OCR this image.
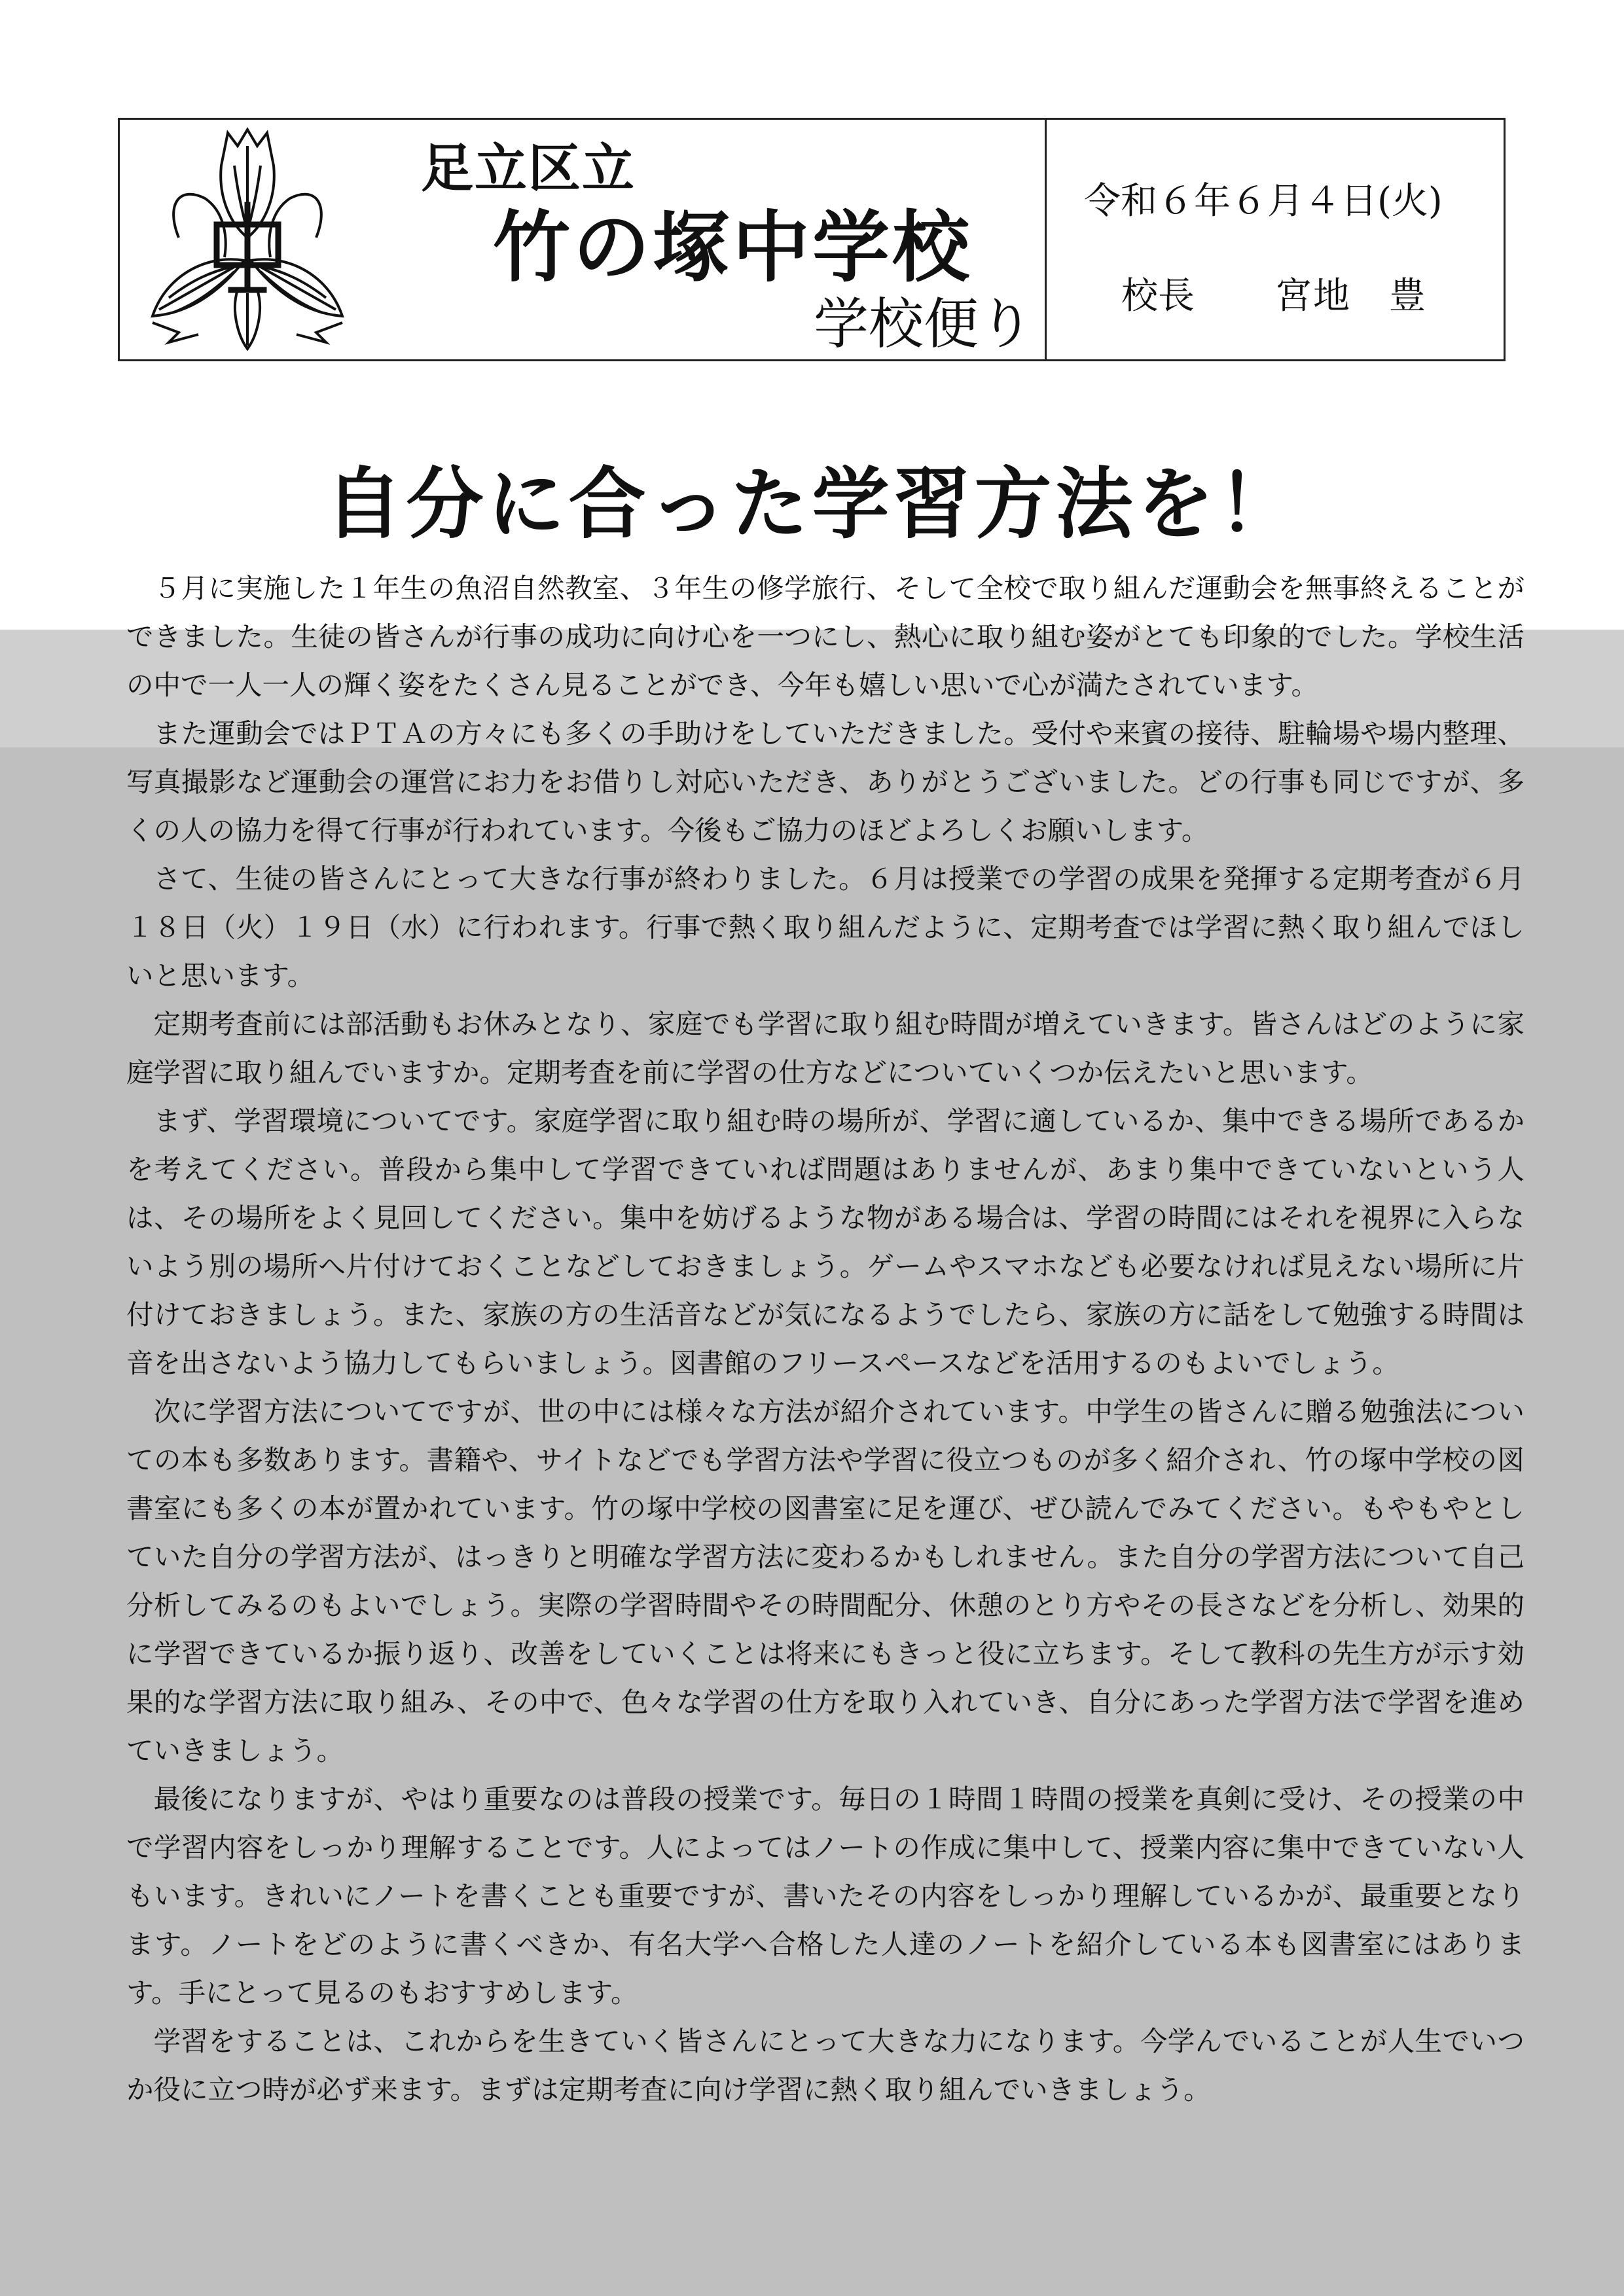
足立区立
竹の塚中学校
学校便り
令和６年６月４日(火)
校長 宮地　豊
自分に合った学習方法を！

５月に実施した１年生の魚沼自然教室、３年生の修学旅行、そして全校で取り組んだ運動会を無事終えることができました。生徒の皆さんが行事の成功に向け心を一つにし、熱心に取り組む姿がとても印象的でした。学校生活の中で一人一人の輝く姿をたくさん見ることができ、今年も嬉しい思いで心が満たされています。

また運動会ではＰＴＡの方々にも多くの手助けをしていただきました。受付や来賓の接待、駐輪場や場内整理、写真撮影など運動会の運営にお力をお借りし対応いただき、ありがとうございました。どの行事も同じですが、多くの人の協力を得て行事が行われています。今後もご協力のほどよろしくお願いします。

さて、生徒の皆さんにとって大きな行事が終わりました。６月は授業での学習の成果を発揮する定期考査が６月１８日（火）１９日（水）に行われます。行事で熱く取り組んだように、定期考査では学習に熱く取り組んでほしいと思います。

定期考査前には部活動もお休みとなり、家庭でも学習に取り組む時間が増えていきます。皆さんはどのように家庭学習に取り組んでいますか。定期考査を前に学習の仕方などについていくつか伝えたいと思います。

まず、学習環境についてです。家庭学習に取り組む時の場所が、学習に適しているか、集中できる場所であるかを考えてください。普段から集中して学習できていれば問題はありませんが、あまり集中できていないという人は、その場所をよく見回してください。集中を妨げるような物がある場合は、学習の時間にはそれを視界に入らないよう別の場所へ片付けておくことなどしておきましょう。ゲームやスマホなども必要なければ見えない場所に片付けておきましょう。また、家族の方の生活音などが気になるようでしたら、家族の方に話をして勉強する時間は音を出さないよう協力してもらいましょう。図書館のフリースペースなどを活用するのもよいでしょう。

次に学習方法についてですが、世の中には様々な方法が紹介されています。中学生の皆さんに贈る勉強法についての本も多数あります。書籍や、サイトなどでも学習方法や学習に役立つものが多く紹介され、竹の塚中学校の図書室にも多くの本が置かれています。竹の塚中学校の図書室に足を運び、ぜひ読んでみてください。もやもやとしていた自分の学習方法が、はっきりと明確な学習方法に変わるかもしれません。また自分の学習方法について自己分析してみるのもよいでしょう。実際の学習時間やその時間配分、休憩のとり方やその長さなどを分析し、効果的に学習できているか振り返り、改善をしていくことは将来にもきっと役に立ちます。そして教科の先生方が示す効果的な学習方法に取り組み、その中で、色々な学習の仕方を取り入れていき、自分にあった学習方法で学習を進めていきましょう。

最後になりますが、やはり重要なのは普段の授業です。毎日の１時間１時間の授業を真剣に受け、その授業の中で学習内容をしっかり理解することです。人によってはノートの作成に集中して、授業内容に集中できていない人もいます。きれいにノートを書くことも重要ですが、書いたその内容をしっかり理解しているかが、最重要となります。ノートをどのように書くべきか、有名大学へ合格した人達のノートを紹介している本も図書室にはあります。手にとって見るのもおすすめします。

学習をすることは、これからを生きていく皆さんにとって大きな力になります。今学んでいることが人生でいつか役に立つ時が必ず来ます。まずは定期考査に向け学習に熱く取り組んでいきましょう。
